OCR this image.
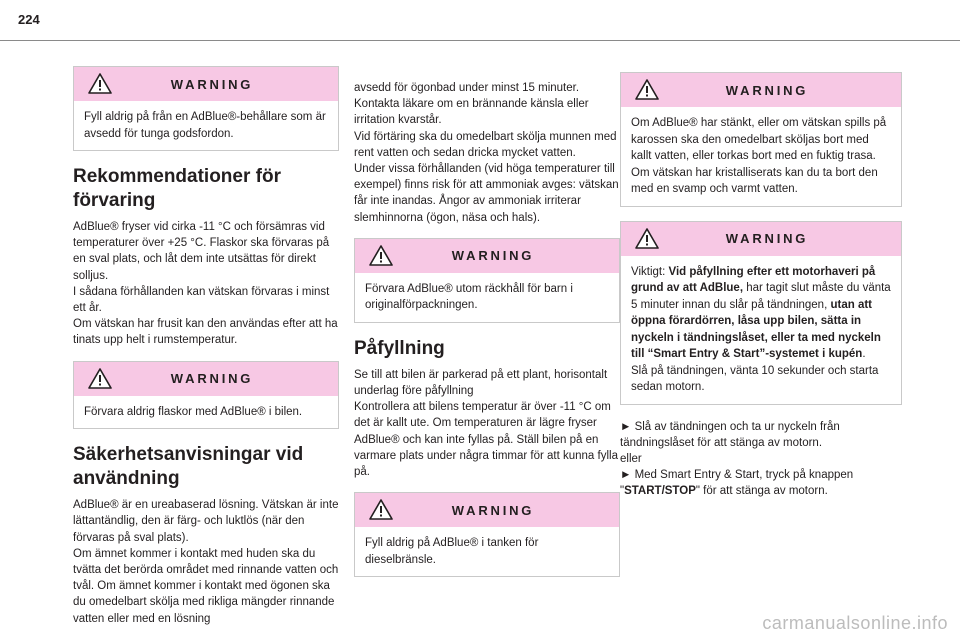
224
WARNING
Fyll aldrig på från en AdBlue®-behållare som är avsedd för tunga godsfordon.
Rekommendationer för förvaring
AdBlue® fryser vid cirka -11 °C och försämras vid temperaturer över +25 °C. Flaskor ska förvaras på en sval plats, och låt dem inte utsättas för direkt solljus.
I sådana förhållanden kan vätskan förvaras i minst ett år.
Om vätskan har frusit kan den användas efter att ha tinats upp helt i rumstemperatur.
WARNING
Förvara aldrig flaskor med AdBlue® i bilen.
Säkerhetsanvisningar vid användning
AdBlue® är en ureabaserad lösning. Vätskan är inte lättantändlig, den är färg- och luktlös (när den förvaras på sval plats).
Om ämnet kommer i kontakt med huden ska du tvätta det berörda området med rinnande vatten och tvål. Om ämnet kommer i kontakt med ögonen ska du omedelbart skölja med rikliga mängder rinnande vatten eller med en lösning
avsedd för ögonbad under minst 15 minuter. Kontakta läkare om en brännande känsla eller irritation kvarstår.
Vid förtäring ska du omedelbart skölja munnen med rent vatten och sedan dricka mycket vatten.
Under vissa förhållanden (vid höga temperaturer till exempel) finns risk för att ammoniak avges: vätskan får inte inandas. Ångor av ammoniak irriterar slemhinnorna (ögon, näsa och hals).
WARNING
Förvara AdBlue® utom räckhåll för barn i originalförpackningen.
Påfyllning
Se till att bilen är parkerad på ett plant, horisontalt underlag före påfyllning
Kontrollera att bilens temperatur är över -11 °C om det är kallt ute. Om temperaturen är lägre fryser AdBlue® och kan inte fyllas på. Ställ bilen på en varmare plats under några timmar för att kunna fylla på.
WARNING
Fyll aldrig på AdBlue® i tanken för dieselbränsle.
WARNING
Om AdBlue® har stänkt, eller om vätskan spills på karossen ska den omedelbart sköljas bort med kallt vatten, eller torkas bort med en fuktig trasa.
Om vätskan har kristalliserats kan du ta bort den med en svamp och varmt vatten.
WARNING
Viktigt: Vid påfyllning efter ett motorhaveri på grund av att AdBlue, har tagit slut måste du vänta 5 minuter innan du slår på tändningen, utan att öppna förardörren, låsa upp bilen, sätta in nyckeln i tändningslåset, eller ta med nyckeln till “Smart Entry & Start”-systemet i kupén.
Slå på tändningen, vänta 10 sekunder och starta sedan motorn.
► Slå av tändningen och ta ur nyckeln från tändningslåset för att stänga av motorn.
eller
► Med Smart Entry & Start, tryck på knappen "START/STOP" för att stänga av motorn.
carmanualsonline.info
